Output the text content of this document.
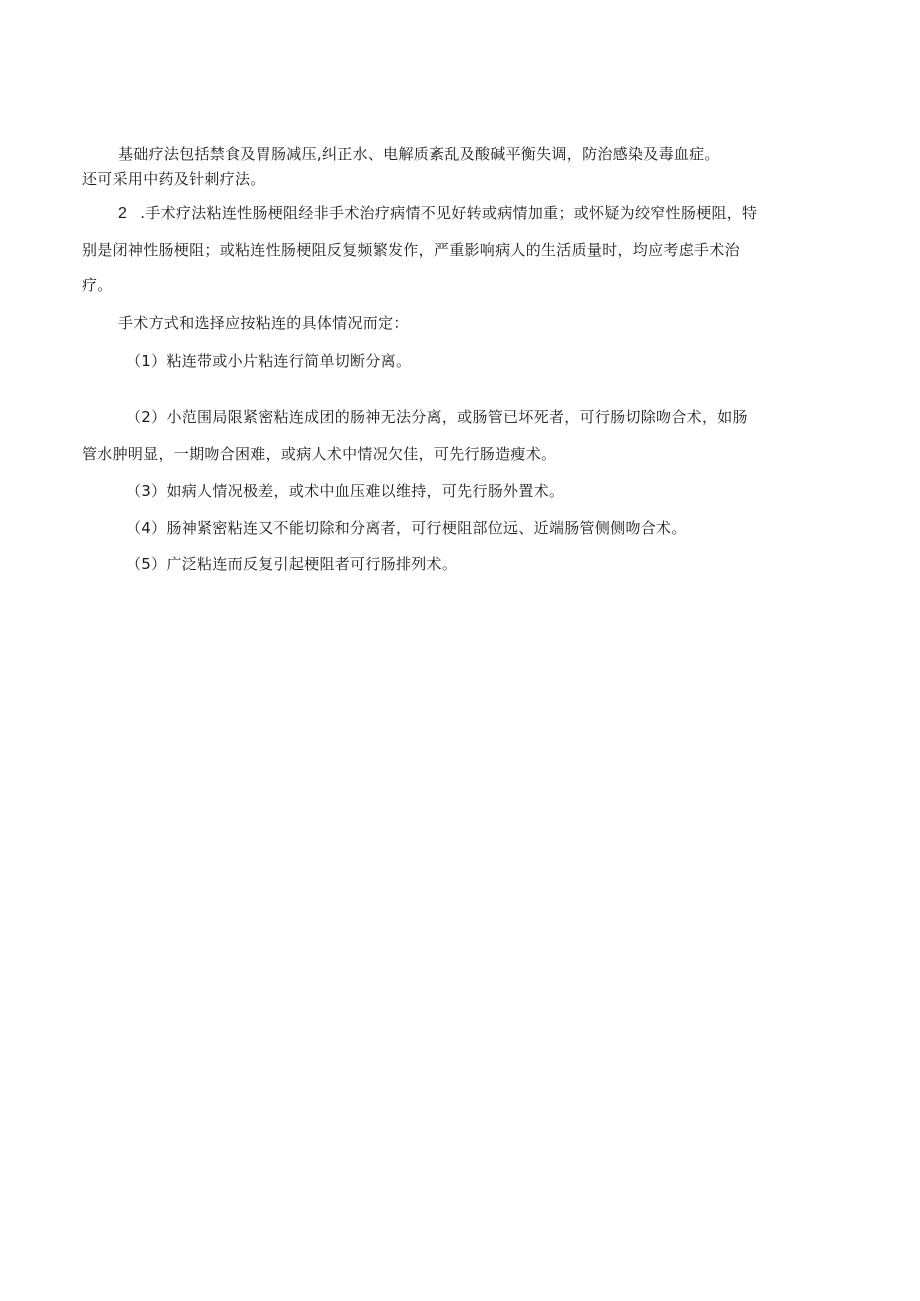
基础疗法包括禁食及胃肠减压,纠正水、电解质紊乱及酸碱平衡失调，防治感染及毒血症。
还可采用中药及针刺疗法。
2 .手术疗法粘连性肠梗阻经非手术治疗病情不见好转或病情加重；或怀疑为绞窄性肠梗阻，特
别是闭神性肠梗阻；或粘连性肠梗阻反复频繁发作，严重影响病人的生活质量时，均应考虑手术治
疗。
手术方式和选择应按粘连的具体情况而定：
（1）粘连带或小片粘连行简单切断分离。
（2）小范围局限紧密粘连成团的肠神无法分离，或肠管已坏死者，可行肠切除吻合术，如肠
管水肿明显，一期吻合困难，或病人术中情况欠佳，可先行肠造瘦术。
（3）如病人情况极差，或术中血压难以维持，可先行肠外置术。
（4）肠神紧密粘连又不能切除和分离者，可行梗阻部位远、近端肠管侧侧吻合术。
（5）广泛粘连而反复引起梗阻者可行肠排列术。
